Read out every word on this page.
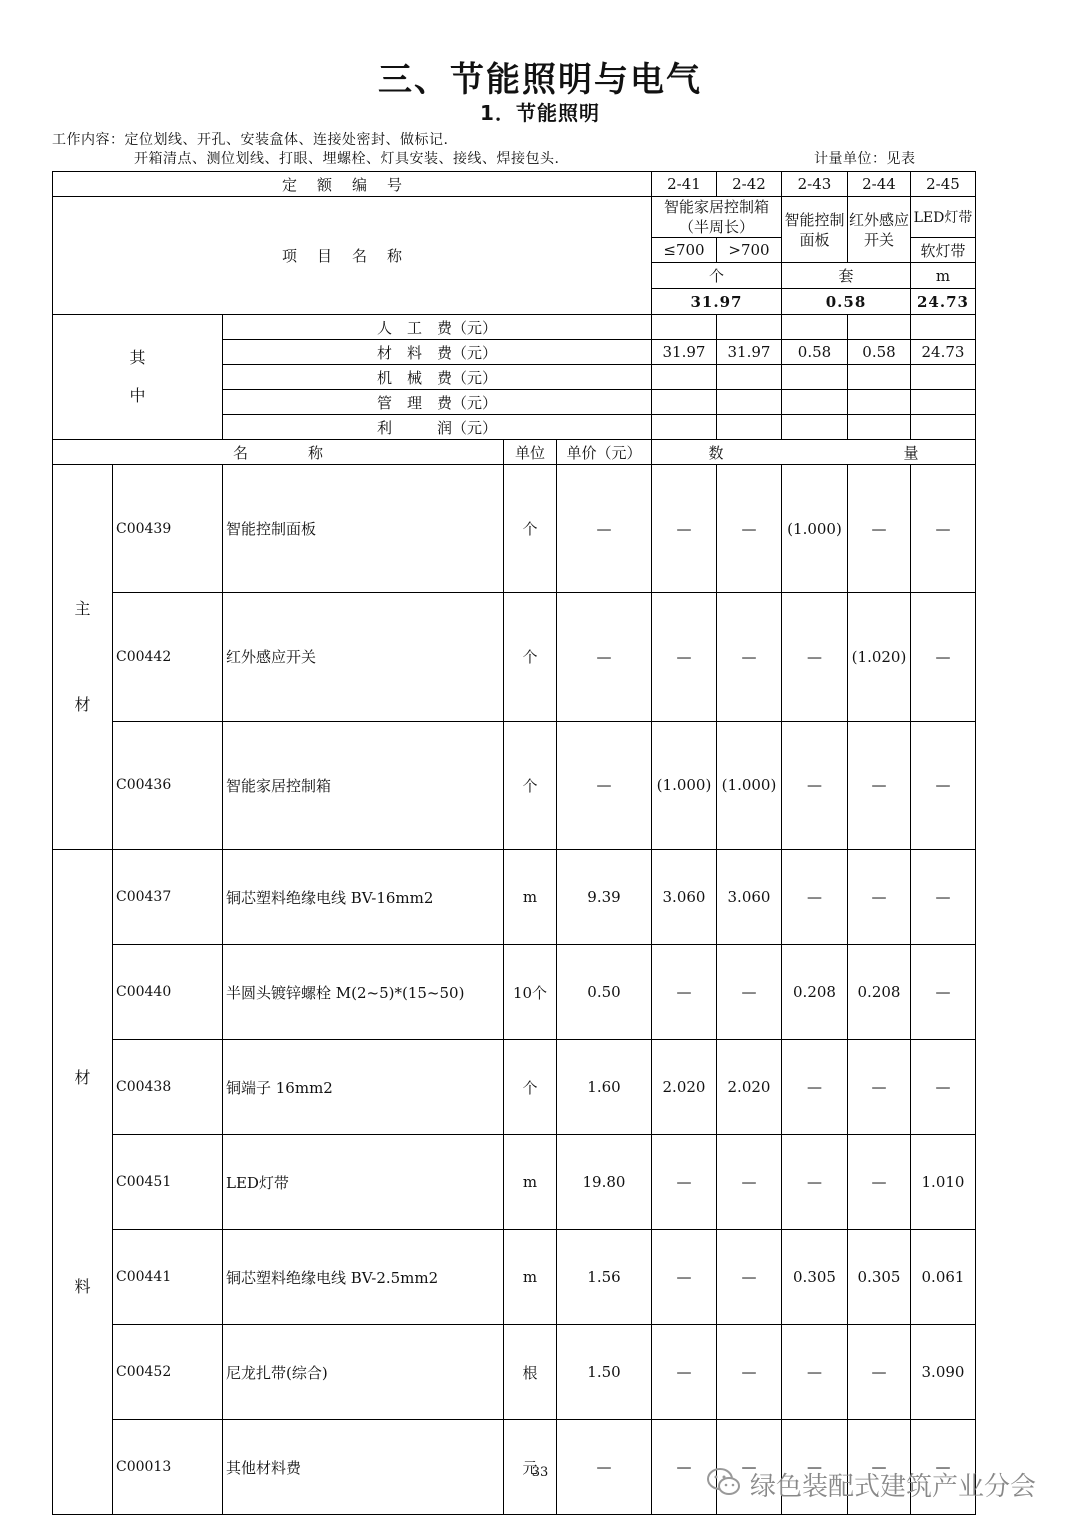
三、节能照明与电气
1．节能照明
工作内容：定位划线、开孔、安装盒体、连接处密封、做标记.
开箱清点、测位划线、打眼、埋螺栓、灯具安装、接线、焊接包头.	计量单位：见表
定额编号					2-41	2-42	2-43	2-44	2-45
项目名称					智能家居控制箱（半周长）		智能控制面板	红外感应开关	LED灯带
					≤700	>700			软灯带
					个		套		m
					31.97		0.58		24.73
其
中		人　工　费（元）							
		材　料　费（元）			31.97	31.97	0.58	0.58	24.73
		机　械　费（元）							
		管　理　费（元）							
		利　　　润（元）							
名　　　　称			单位	单价（元）	数　　　　　　　　　　　　量				

主
材	C00439	智能控制面板	个	—	—	—	(1.000)	—	—
	C00442	红外感应开关	个	—	—	—	—	(1.020)	—
	C00436	智能家居控制箱	个	—	(1.000)	(1.000)	—	—	—
材
料	C00437	铜芯塑料绝缘电线 BV-16mm2	m	9.39	3.060	3.060	—	—	—
	C00440	半圆头镀锌螺栓 M(2~5)*(15~50)	10个	0.50	—	—	0.208	0.208	—
	C00438	铜端子 16mm2	个	1.60	2.020	2.020	—	—	—
	C00451	LED灯带	m	19.80	—	—	—	—	1.010
	C00441	铜芯塑料绝缘电线 BV-2.5mm2	m	1.56	—	—	0.305	0.305	0.061
	C00452	尼龙扎带(综合)	根	1.50	—	—	—	—	3.090
	C00013	其他材料费	元	—	—	—	—	—	—
33	绿色装配式建筑产业分会
